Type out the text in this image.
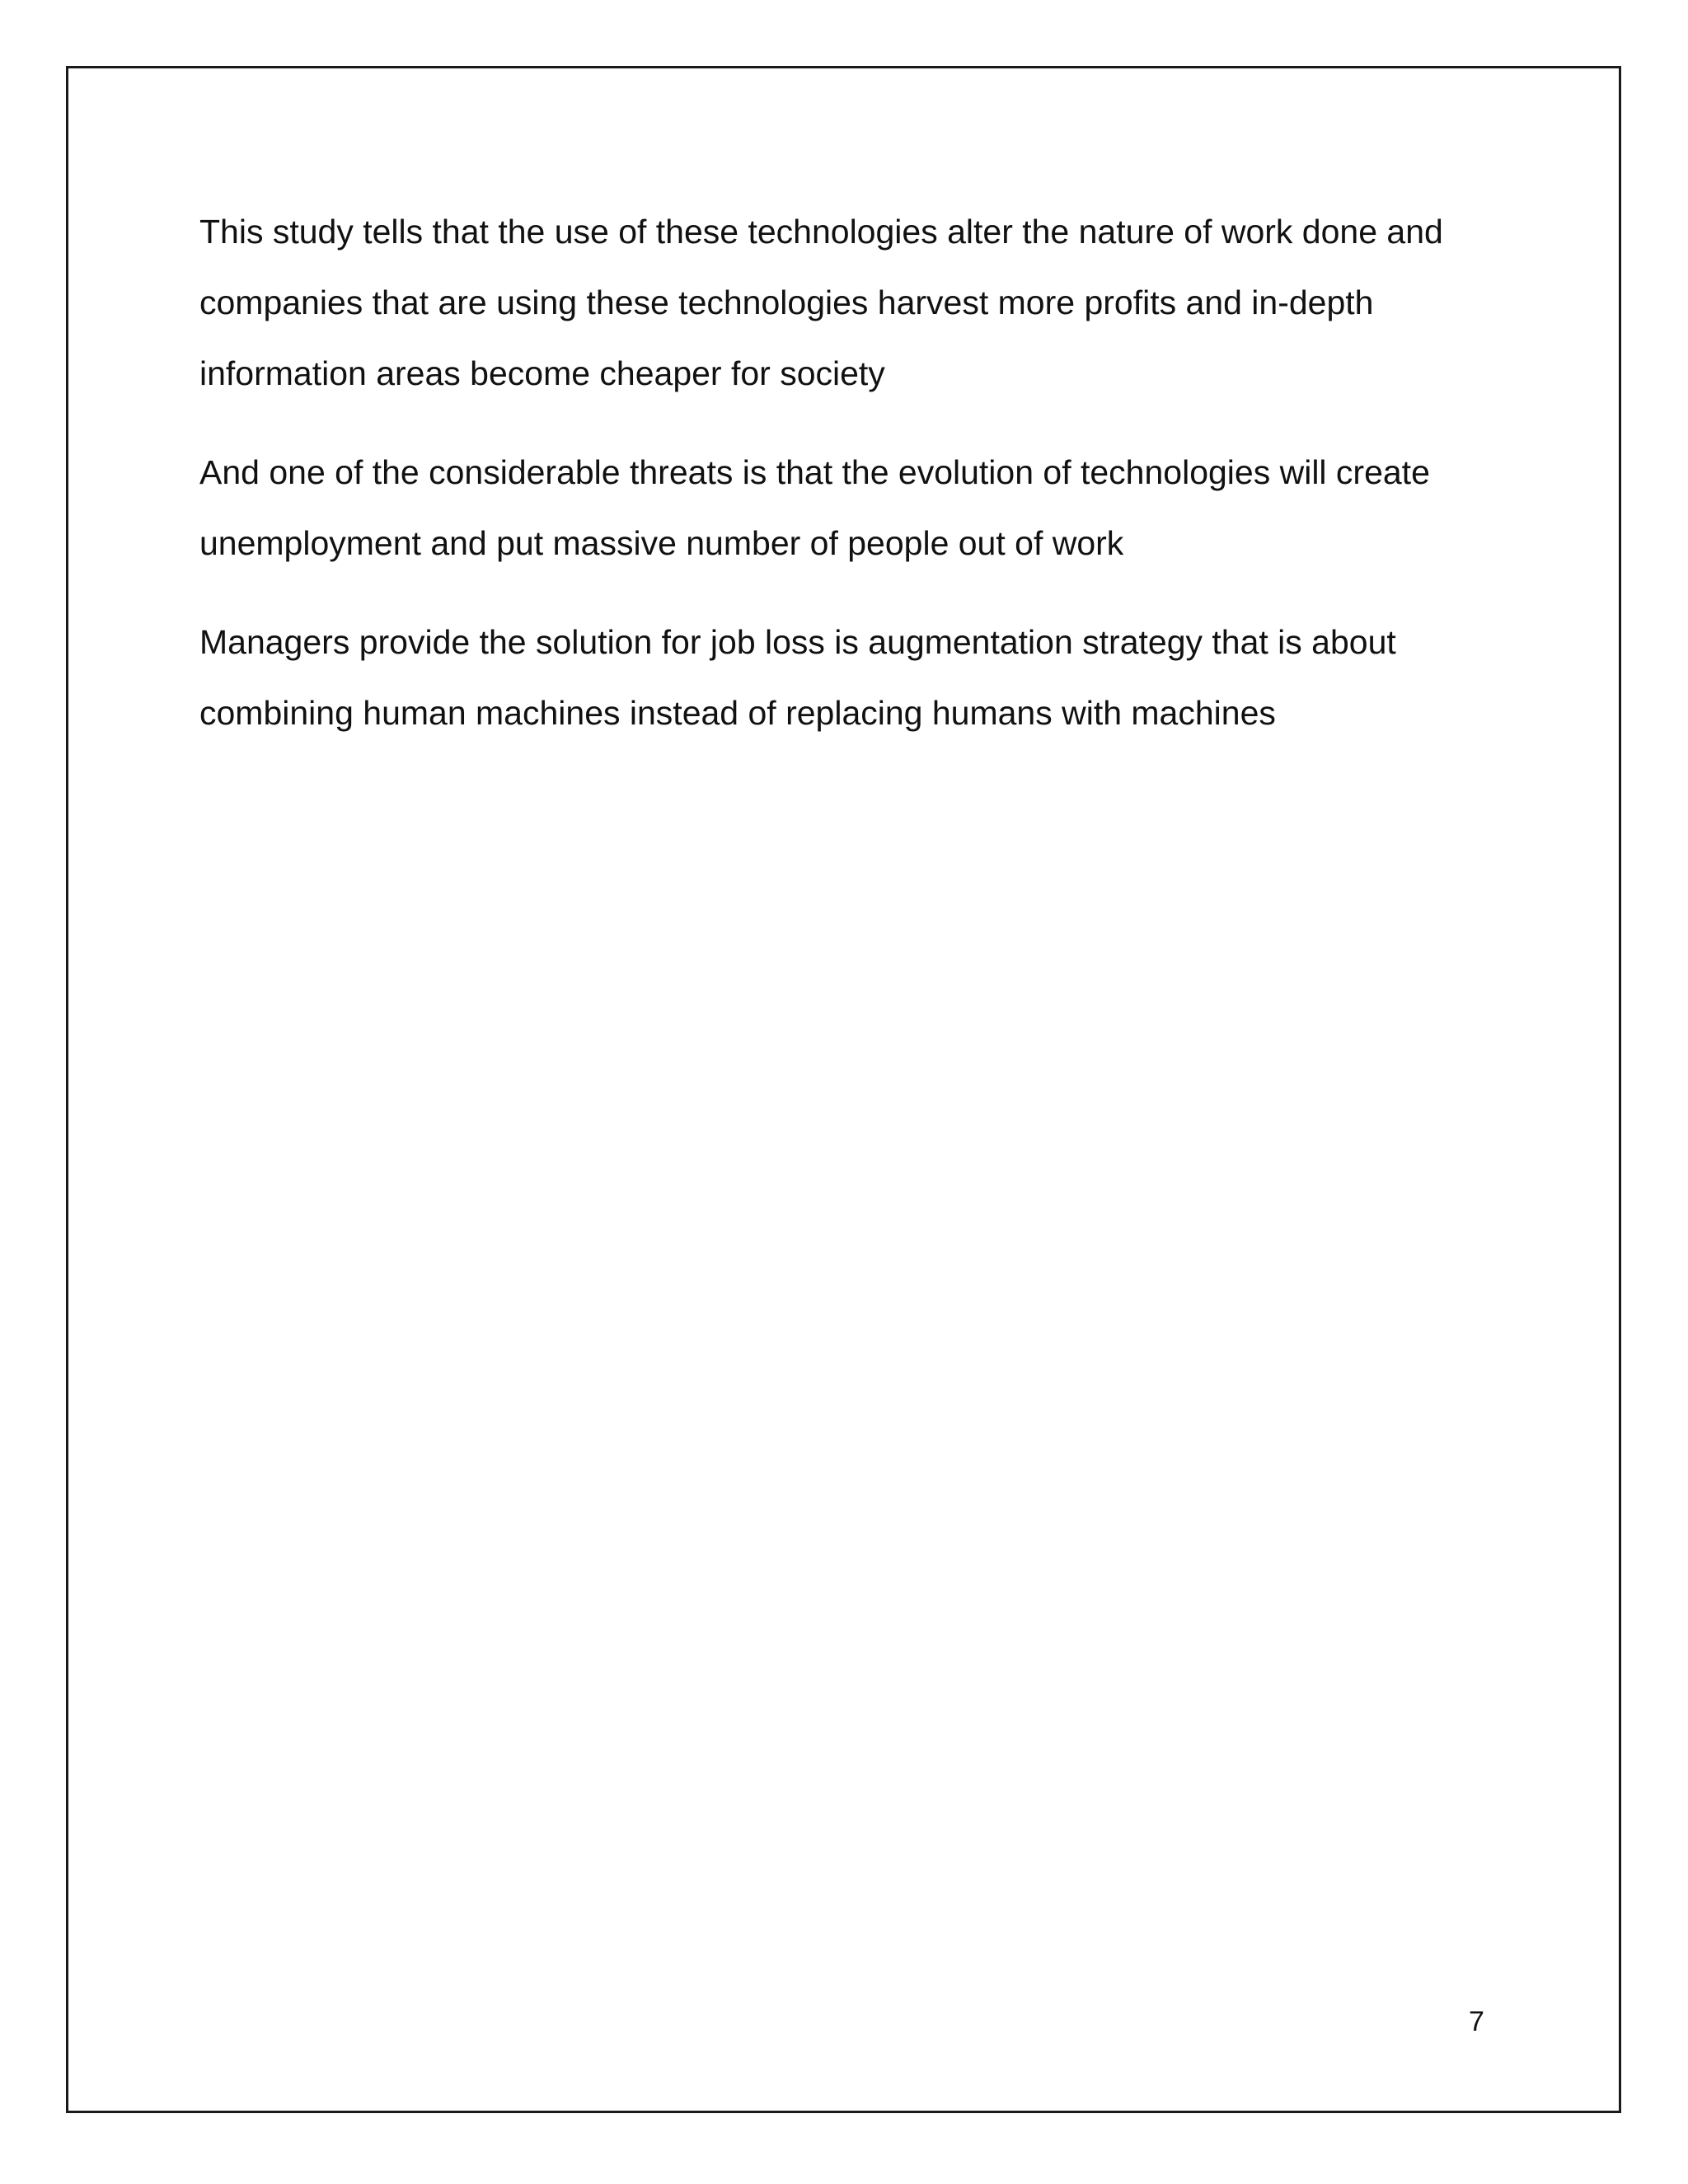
This study tells that the use of these technologies alter the nature of work done and companies that are using these technologies harvest more profits and in-depth information areas become cheaper for society

And one of the considerable threats is that the evolution of technologies will create unemployment and put massive number of people out of work

Managers provide the solution for job loss is augmentation strategy that is about combining human machines instead of replacing humans with machines

7
